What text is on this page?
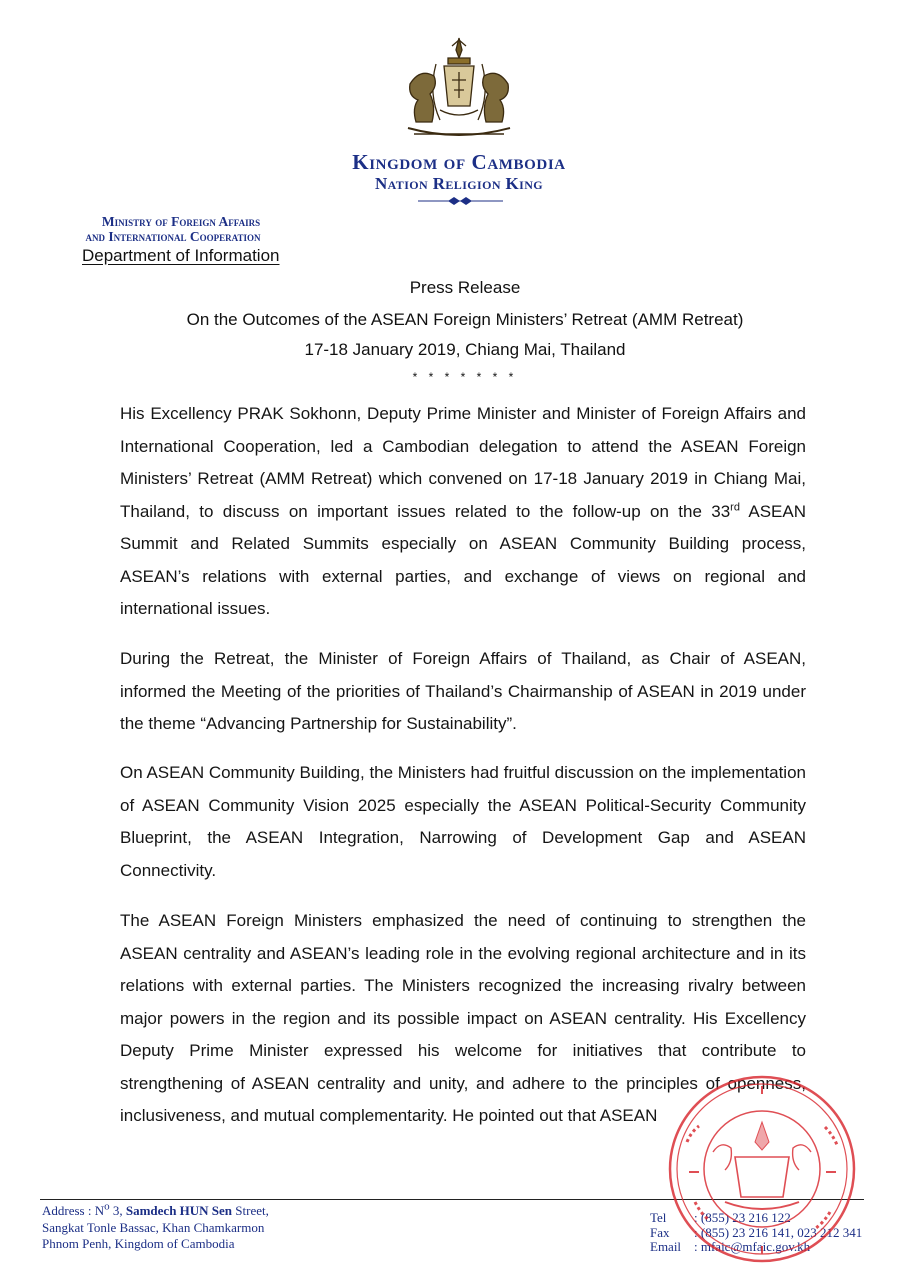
Kingdom of Cambodia
Nation Religion King
Ministry of Foreign Affairs
and International Cooperation
Department of Information
Press Release
On the Outcomes of the ASEAN Foreign Ministers’ Retreat (AMM Retreat)
17-18 January 2019, Chiang Mai, Thailand
* * * * * * *

His Excellency PRAK Sokhonn, Deputy Prime Minister and Minister of Foreign Affairs and International Cooperation, led a Cambodian delegation to attend the ASEAN Foreign Ministers’ Retreat (AMM Retreat) which convened on 17-18 January 2019 in Chiang Mai, Thailand, to discuss on important issues related to the follow-up on the 33rd ASEAN Summit and Related Summits especially on ASEAN Community Building process, ASEAN’s relations with external parties, and exchange of views on regional and international issues.

During the Retreat, the Minister of Foreign Affairs of Thailand, as Chair of ASEAN, informed the Meeting of the priorities of Thailand’s Chairmanship of ASEAN in 2019 under the theme “Advancing Partnership for Sustainability”.

On ASEAN Community Building, the Ministers had fruitful discussion on the implementation of ASEAN Community Vision 2025 especially the ASEAN Political-Security Community Blueprint, the ASEAN Integration, Narrowing of Development Gap and ASEAN Connectivity.

The ASEAN Foreign Ministers emphasized the need of continuing to strengthen the ASEAN centrality and ASEAN’s leading role in the evolving regional architecture and in its relations with external parties. The Ministers recognized the increasing rivalry between major powers in the region and its possible impact on ASEAN centrality. His Excellency Deputy Prime Minister expressed his welcome for initiatives that contribute to strengthening of ASEAN centrality and unity, and adhere to the principles of openness, inclusiveness, and mutual complementarity. He pointed out that ASEAN

Address : $N^o$ 3, Samdech HUN Sen Street,
Sangkat Tonle Bassac, Khan Chamkarmon
Phnom Penh, Kingdom of Cambodia
Tel : (855) 23 216 122
Fax : (855) 23 216 141, 023 212 341
Email : mfaic@mfaic.gov.kh
